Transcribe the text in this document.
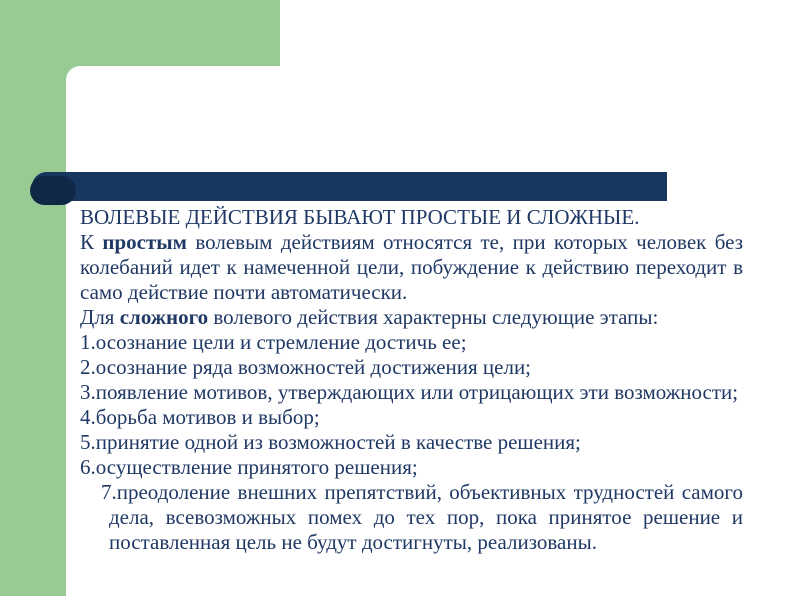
ВОЛЕВЫЕ ДЕЙСТВИЯ БЫВАЮТ ПРОСТЫЕ И СЛОЖНЫЕ.

К простым волевым действиям относятся те, при которых человек без колебаний идет к намеченной цели, побуждение к действию переходит в само действие почти автоматически.

Для сложного волевого действия характерны следующие этапы:

1.осознание цели и стремление достичь ее;

2.осознание ряда возможностей достижения цели;

3.появление мотивов, утверждающих или отрицающих эти возможности;

4.борьба мотивов и выбор;

5.принятие одной из возможностей в качестве решения;

6.осуществление принятого решения;

7.преодоление внешних препятствий, объективных трудностей самого дела, всевозможных помех до тех пор, пока принятое решение и поставленная цель не будут достигнуты, реализованы.
